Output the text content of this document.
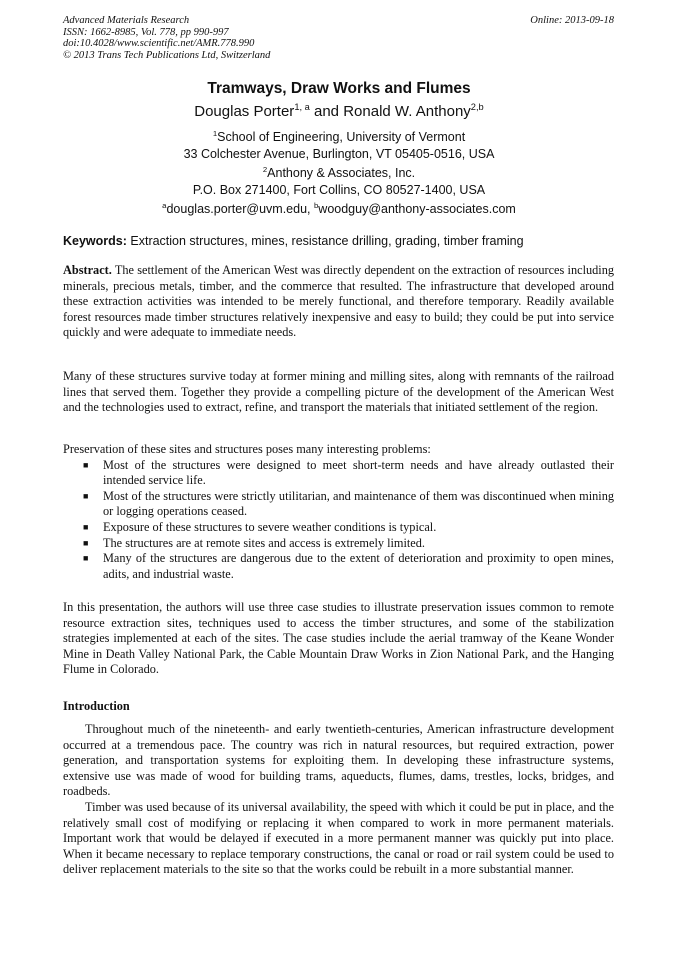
Advanced Materials Research
ISSN: 1662-8985, Vol. 778, pp 990-997
doi:10.4028/www.scientific.net/AMR.778.990
© 2013 Trans Tech Publications Ltd, Switzerland
Online: 2013-09-18
Tramways, Draw Works and Flumes
Douglas Porter$^{1, a}$ and Ronald W. Anthony$^{2,b}$
$^1$School of Engineering, University of Vermont
33 Colchester Avenue, Burlington, VT 05405-0516, USA
$^2$Anthony & Associates, Inc.
P.O. Box 271400, Fort Collins, CO 80527-1400, USA
$^a$douglas.porter@uvm.edu, $^b$woodguy@anthony-associates.com
Keywords: Extraction structures, mines, resistance drilling, grading, timber framing
Abstract. The settlement of the American West was directly dependent on the extraction of resources including minerals, precious metals, timber, and the commerce that resulted. The infrastructure that developed around these extraction activities was intended to be merely functional, and therefore temporary. Readily available forest resources made timber structures relatively inexpensive and easy to build; they could be put into service quickly and were adequate to immediate needs.

Many of these structures survive today at former mining and milling sites, along with remnants of the railroad lines that served them. Together they provide a compelling picture of the development of the American West and the technologies used to extract, refine, and transport the materials that initiated settlement of the region.

Preservation of these sites and structures poses many interesting problems:

■ Most of the structures were designed to meet short-term needs and have already outlasted their intended service life.
■ Most of the structures were strictly utilitarian, and maintenance of them was discontinued when mining or logging operations ceased.
■ Exposure of these structures to severe weather conditions is typical.
■ The structures are at remote sites and access is extremely limited.
■ Many of the structures are dangerous due to the extent of deterioration and proximity to open mines, adits, and industrial waste.

In this presentation, the authors will use three case studies to illustrate preservation issues common to remote resource extraction sites, techniques used to access the timber structures, and some of the stabilization strategies implemented at each of the sites. The case studies include the aerial tramway of the Keane Wonder Mine in Death Valley National Park, the Cable Mountain Draw Works in Zion National Park, and the Hanging Flume in Colorado.

Introduction

Throughout much of the nineteenth- and early twentieth-centuries, American infrastructure development occurred at a tremendous pace. The country was rich in natural resources, but required extraction, power generation, and transportation systems for exploiting them. In developing these infrastructure systems, extensive use was made of wood for building trams, aqueducts, flumes, dams, trestles, locks, bridges, and roadbeds.

Timber was used because of its universal availability, the speed with which it could be put in place, and the relatively small cost of modifying or replacing it when compared to work in more permanent materials. Important work that would be delayed if executed in a more permanent manner was quickly put into place. When it became necessary to replace temporary constructions, the canal or road or rail system could be used to deliver replacement materials to the site so that the works could be rebuilt in a more substantial manner.
